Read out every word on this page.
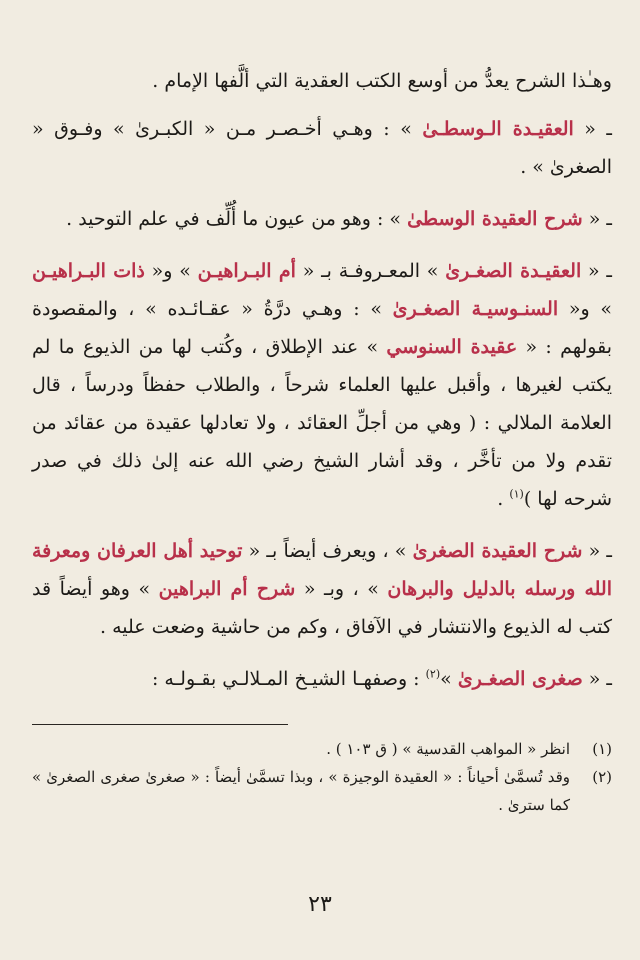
وهـٰذا الشرح يعدُّ من أوسع الكتب العقدية التي ألَّفها الإمام .

ـ « العقيـدة الـوسطـىٰ » : وهـي أخـصـر مـن « الكبـرىٰ » وفـوق « الصغرىٰ » .

ـ « شرح العقيدة الوسطىٰ » : وهو من عيون ما أُلِّف في علم التوحيد .

ـ « العقيـدة الصغـرىٰ » المعـروفـة بـ « أم البـراهيـن » و« ذات البـراهيـن » و« السنـوسيـة الصغـرىٰ » : وهـي درَّةُ « عقـائـده » ، والمقصودة بقولهم : « عقيدة السنوسي » عند الإطلاق ، وكُتب لها من الذيوع ما لم يكتب لغيرها ، وأقبل عليها العلماء شرحاً ، والطلاب حفظاً ودرساً ، قال العلامة الملالي : ( وهي من أجلِّ العقائد ، ولا تعادلها عقيدة من عقائد من تقدم ولا من تأخَّر ، وقد أشار الشيخ رضي الله عنه إلىٰ ذلك في صدر شرحه لها )$^{(١)}$ .

ـ « شرح العقيدة الصغرىٰ » ، ويعرف أيضاً بـ « توحيد أهل العرفان ومعرفة الله ورسله بالدليل والبرهان » ، وبـ « شرح أم البراهين » وهو أيضاً قد كتب له الذيوع والانتشار في الآفاق ، وكم من حاشية وضعت عليه .

ـ « صغرى الصغـرىٰ »$^{(٢)}$ : وصفهـا الشيـخ المـلالـي بقـولـه :

(١)
انظر « المواهب القدسية » ( ق ١٠٣ ) .
(٢)
وقد تُسمَّىٰ أحياناً : « العقيدة الوجيزة » ، وبذا تسمَّىٰ أيضاً : « صغرىٰ صغرى الصغرىٰ » كما سترىٰ .
٢٣
